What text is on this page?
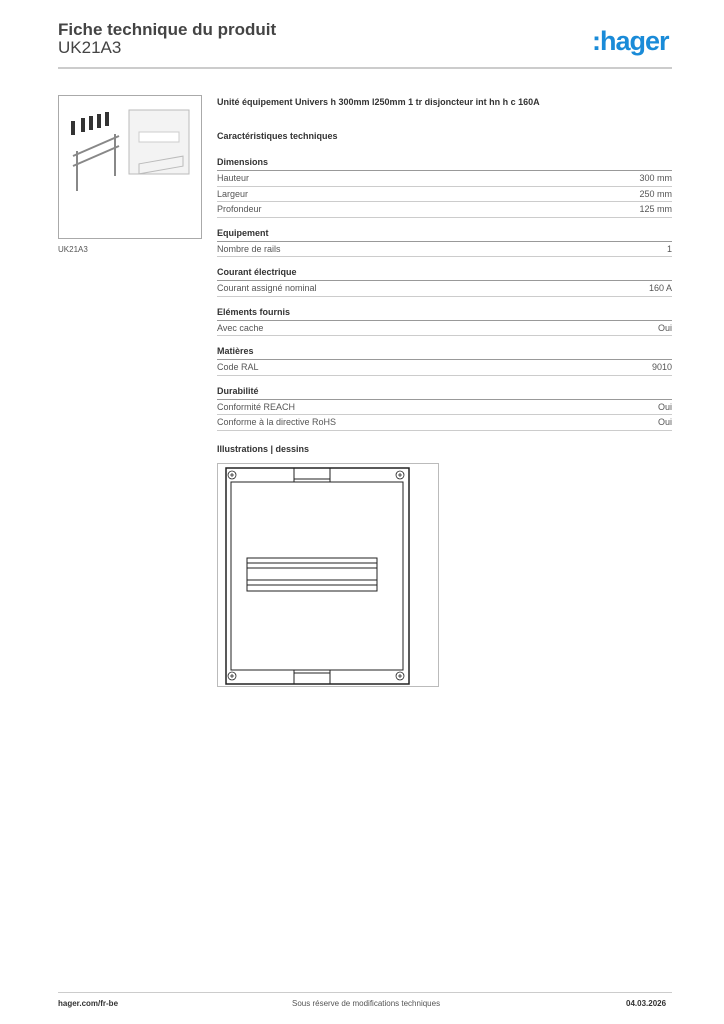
Fiche technique du produit
UK21A3	:hager
UK21A3
Unité équipement Univers h 300mm l250mm 1 tr disjoncteur int hn h c 160A
Caractéristiques techniques
Dimensions
Hauteur	300 mm
Largeur	250 mm
Profondeur	125 mm
Equipement
Nombre de rails	1
Courant électrique
Courant assigné nominal	160 A
Eléments fournis
Avec cache	Oui
Matières
Code RAL	9010
Durabilité
Conformité REACH	Oui
Conforme à la directive RoHS	Oui
Illustrations | dessins
hager.com/fr-be	Sous réserve de modifications techniques	04.03.2026
